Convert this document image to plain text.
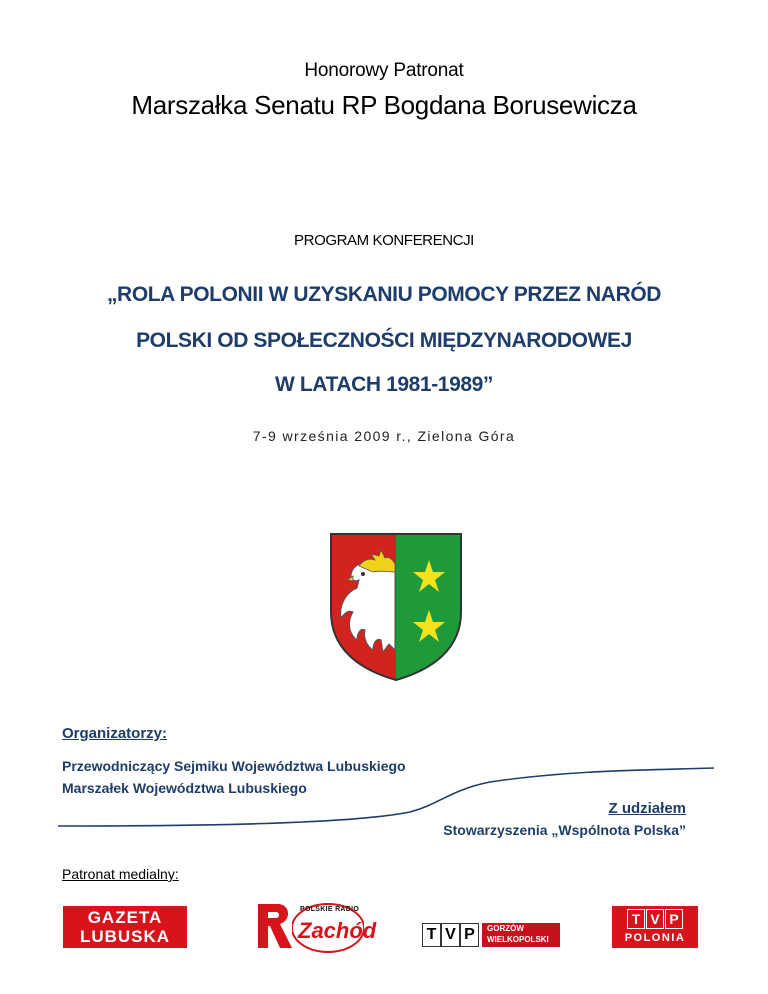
Honorowy Patronat
Marszałka Senatu RP Bogdana Borusewicza
PROGRAM KONFERENCJI
„ROLA POLONII W UZYSKANIU POMOCY PRZEZ NARÓD
POLSKI OD SPOŁECZNOŚCI MIĘDZYNARODOWEJ
W LATACH 1981-1989”
7-9 września 2009 r., Zielona Góra
Organizatorzy:
Przewodniczący Sejmiku Województwa Lubuskiego
Marszałek Województwa Lubuskiego
Z udziałem
Stowarzyszenia „Wspólnota Polska”
Patronat medialny:
GAZETA
LUBUSKA
POLSKIE RADIO
Zachód	T V P	GORZÓW
WIELKOPOLSKI
T V P
POLONIA
